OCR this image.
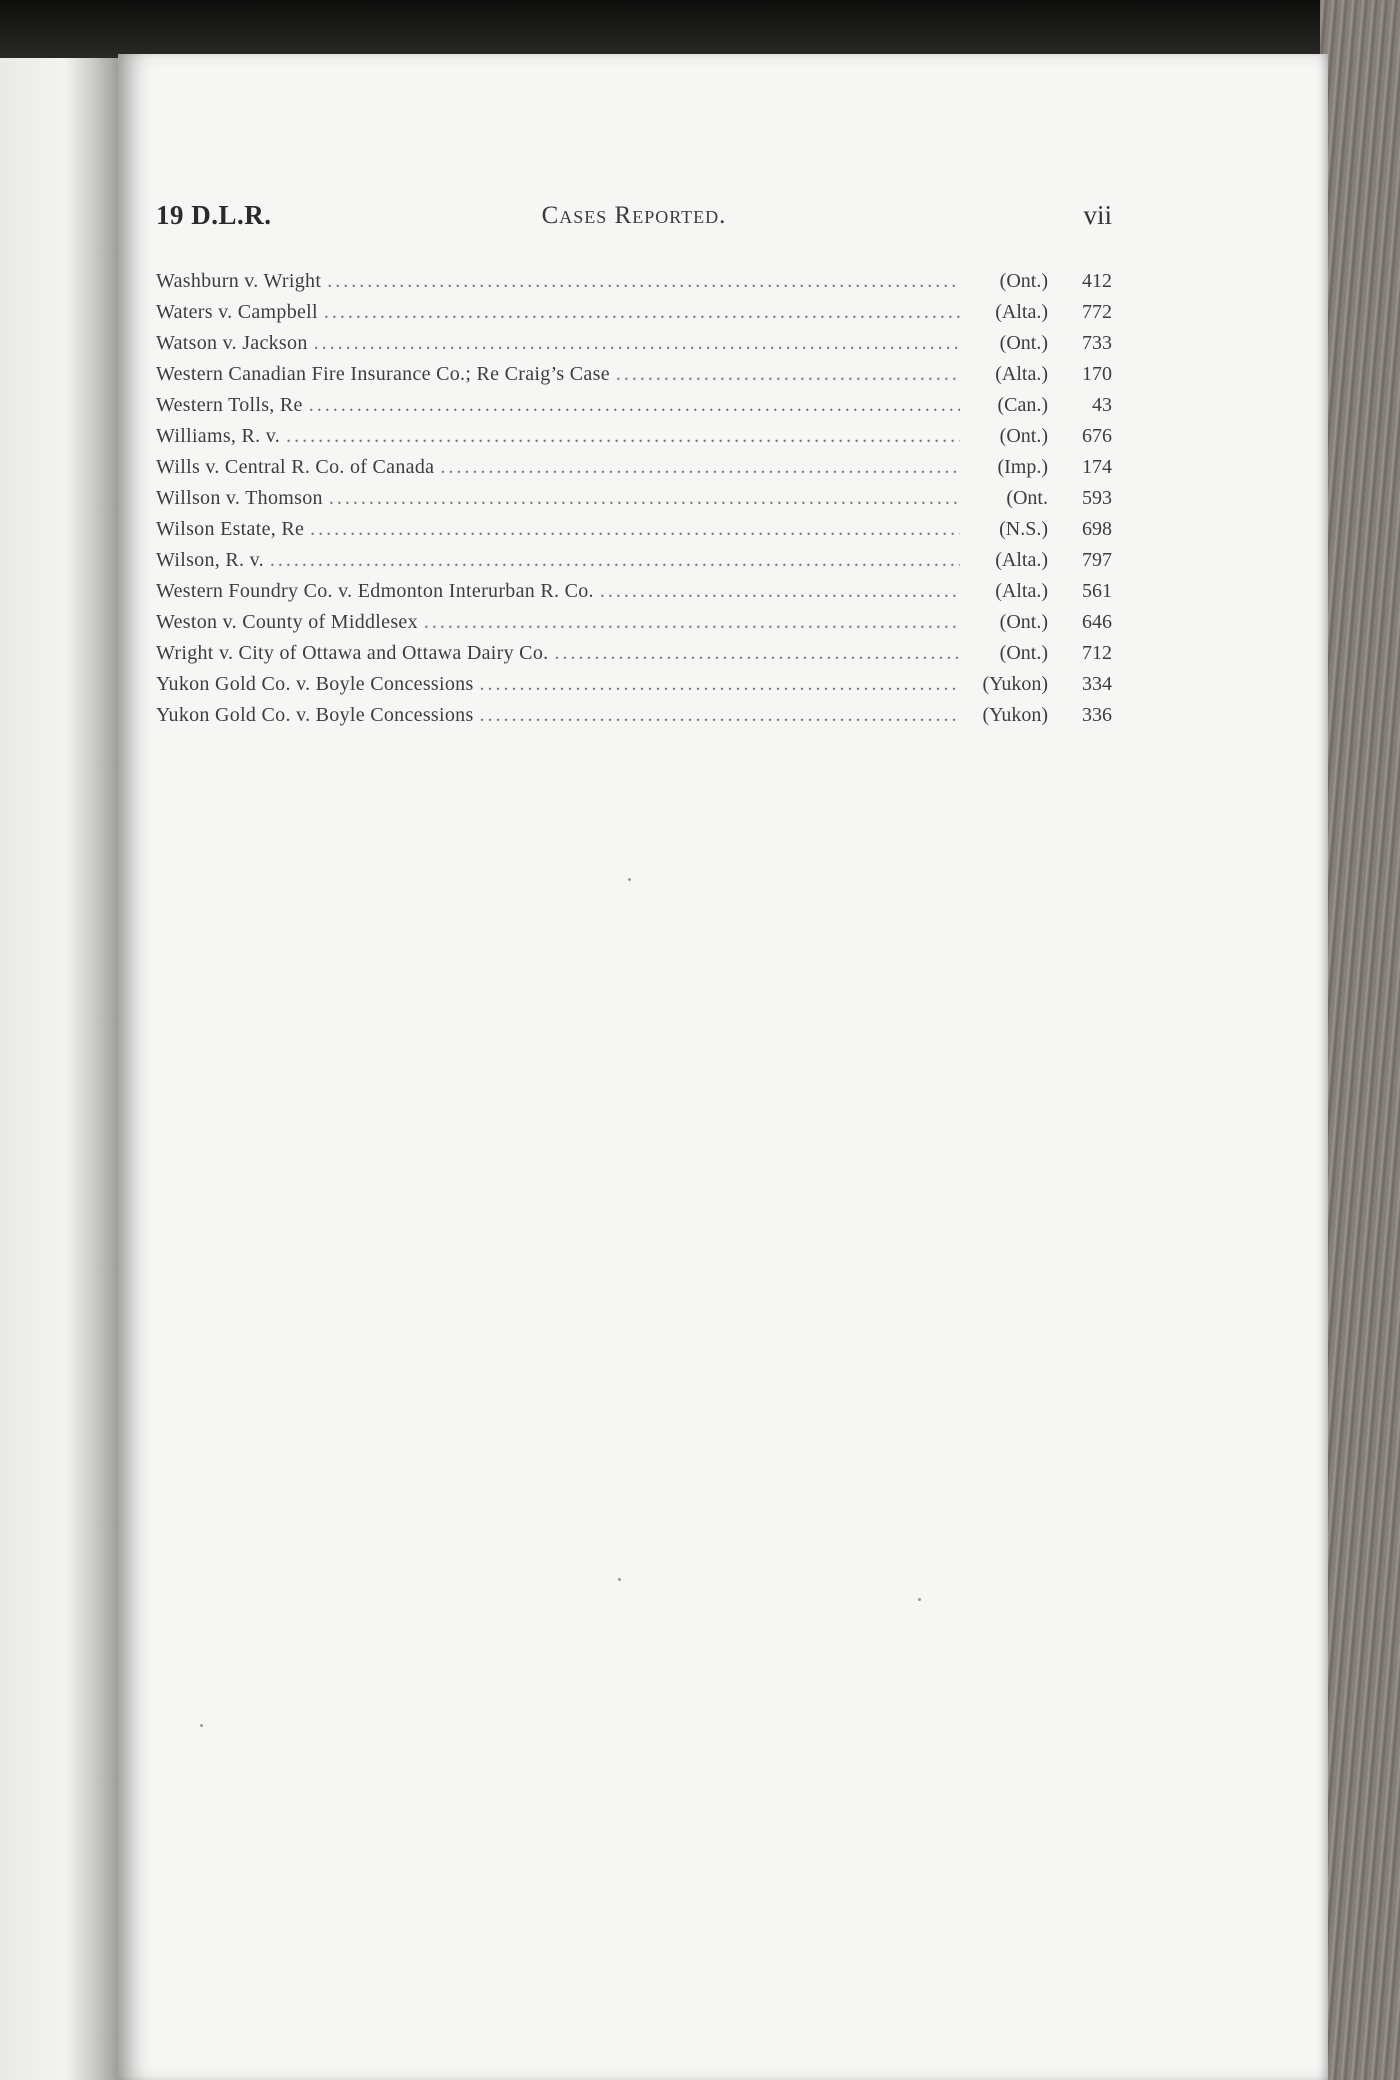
19 D.L.R.	Cases Reported.	vii
Washburn v. Wright .....	(Ont.)	412
Waters v. Campbell .....	(Alta.)	772
Watson v. Jackson .....	(Ont.)	733
Western Canadian Fire Insurance Co.; Re Craig’s Case .....	(Alta.)	170
Western Tolls, Re .....	(Can.)	43
Williams, R. v. .....	(Ont.)	676
Wills v. Central R. Co. of Canada .....	(Imp.)	174
Willson v. Thomson .....	(Ont.	593
Wilson Estate, Re .....	(N.S.)	698
Wilson, R. v. .....	(Alta.)	797
Western Foundry Co. v. Edmonton Interurban R. Co. .....	(Alta.)	561
Weston v. County of Middlesex .....	(Ont.)	646
Wright v. City of Ottawa and Ottawa Dairy Co. .....	(Ont.)	712
Yukon Gold Co. v. Boyle Concessions .....	(Yukon)	334
Yukon Gold Co. v. Boyle Concessions .....	(Yukon)	336
